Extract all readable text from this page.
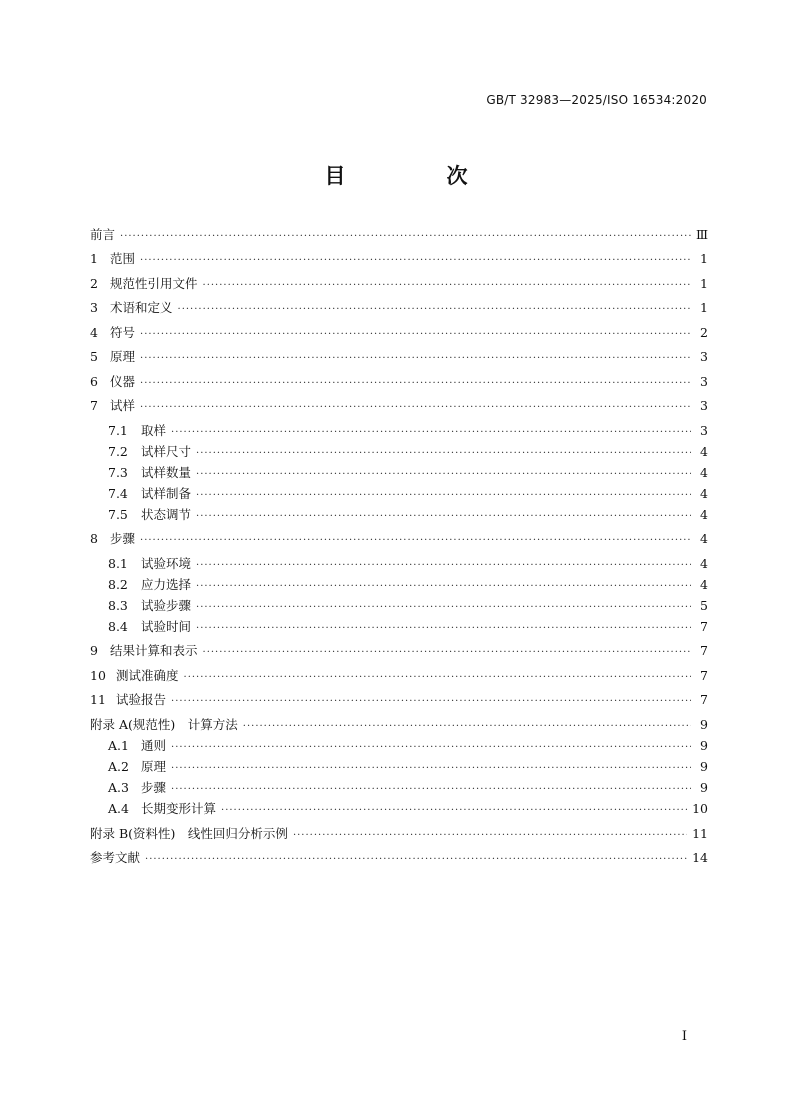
GB/T 32983—2025/ISO 16534:2020
目　次
前言 ·····	Ⅲ
1 范围 ·····	1
2 规范性引用文件 ·····	1
3 术语和定义 ·····	1
4 符号 ·····	2
5 原理 ·····	3
6 仪器 ·····	3
7 试样 ·····	3
7.1	取样 ·····	3
7.2	试样尺寸 ·····	4
7.3	试样数量 ·····	4
7.4	试样制备 ·····	4
7.5	状态调节 ·····	4
8 步骤 ·····	4
8.1	试验环境 ·····	4
8.2	应力选择 ·····	4
8.3	试验步骤 ·····	5
8.4	试验时间 ·····	7
9 结果计算和表示 ·····	7
10 测试准确度 ·····	7
11 试验报告 ·····	7
附录 A (规范性)　计算方法 ·····	9
A.1 通则 ·····	9
A.2 原理 ·····	9
A.3 步骤 ·····	9
A.4 长期变形计算 ·····	10
附录 B (资料性)　线性回归分析示例 ·····	11
参考文献 ·····	14
I
